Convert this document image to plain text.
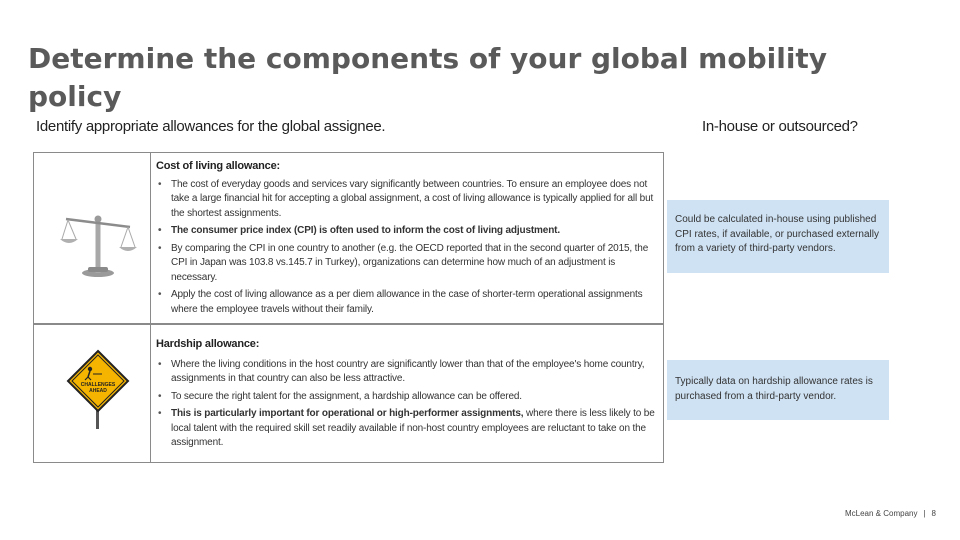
Determine the components of your global mobility policy
Identify appropriate allowances for the global assignee.	In-house or outsourced?
Cost of living allowance:
• The cost of everyday goods and services vary significantly between countries. To ensure an employee does not take a large financial hit for accepting a global assignment, a cost of living allowance is typically applied for all but the shortest assignments.
• The consumer price index (CPI) is often used to inform the cost of living adjustment.
• By comparing the CPI in one country to another (e.g. the OECD reported that in the second quarter of 2015, the CPI in Japan was 103.8 vs.145.7 in Turkey), organizations can determine how much of an adjustment is necessary.
• Apply the cost of living allowance as a per diem allowance in the case of shorter-term operational assignments where the employee travels without their family.
CHALLENGES
AHEAD
Hardship allowance:
• Where the living conditions in the host country are significantly lower than that of the employee's home country, assignments in that country can also be less attractive.
• To secure the right talent for the assignment, a hardship allowance can be offered.
• This is particularly important for operational or high-performer assignments, where there is less likely to be local talent with the required skill set readily available if non-host country employees are reluctant to take on the assignment.
Could be calculated in-house using published CPI rates, if available, or purchased externally from a variety of third-party vendors.
Typically data on hardship allowance rates is purchased from a third-party vendor.
McLean & Company | 8
